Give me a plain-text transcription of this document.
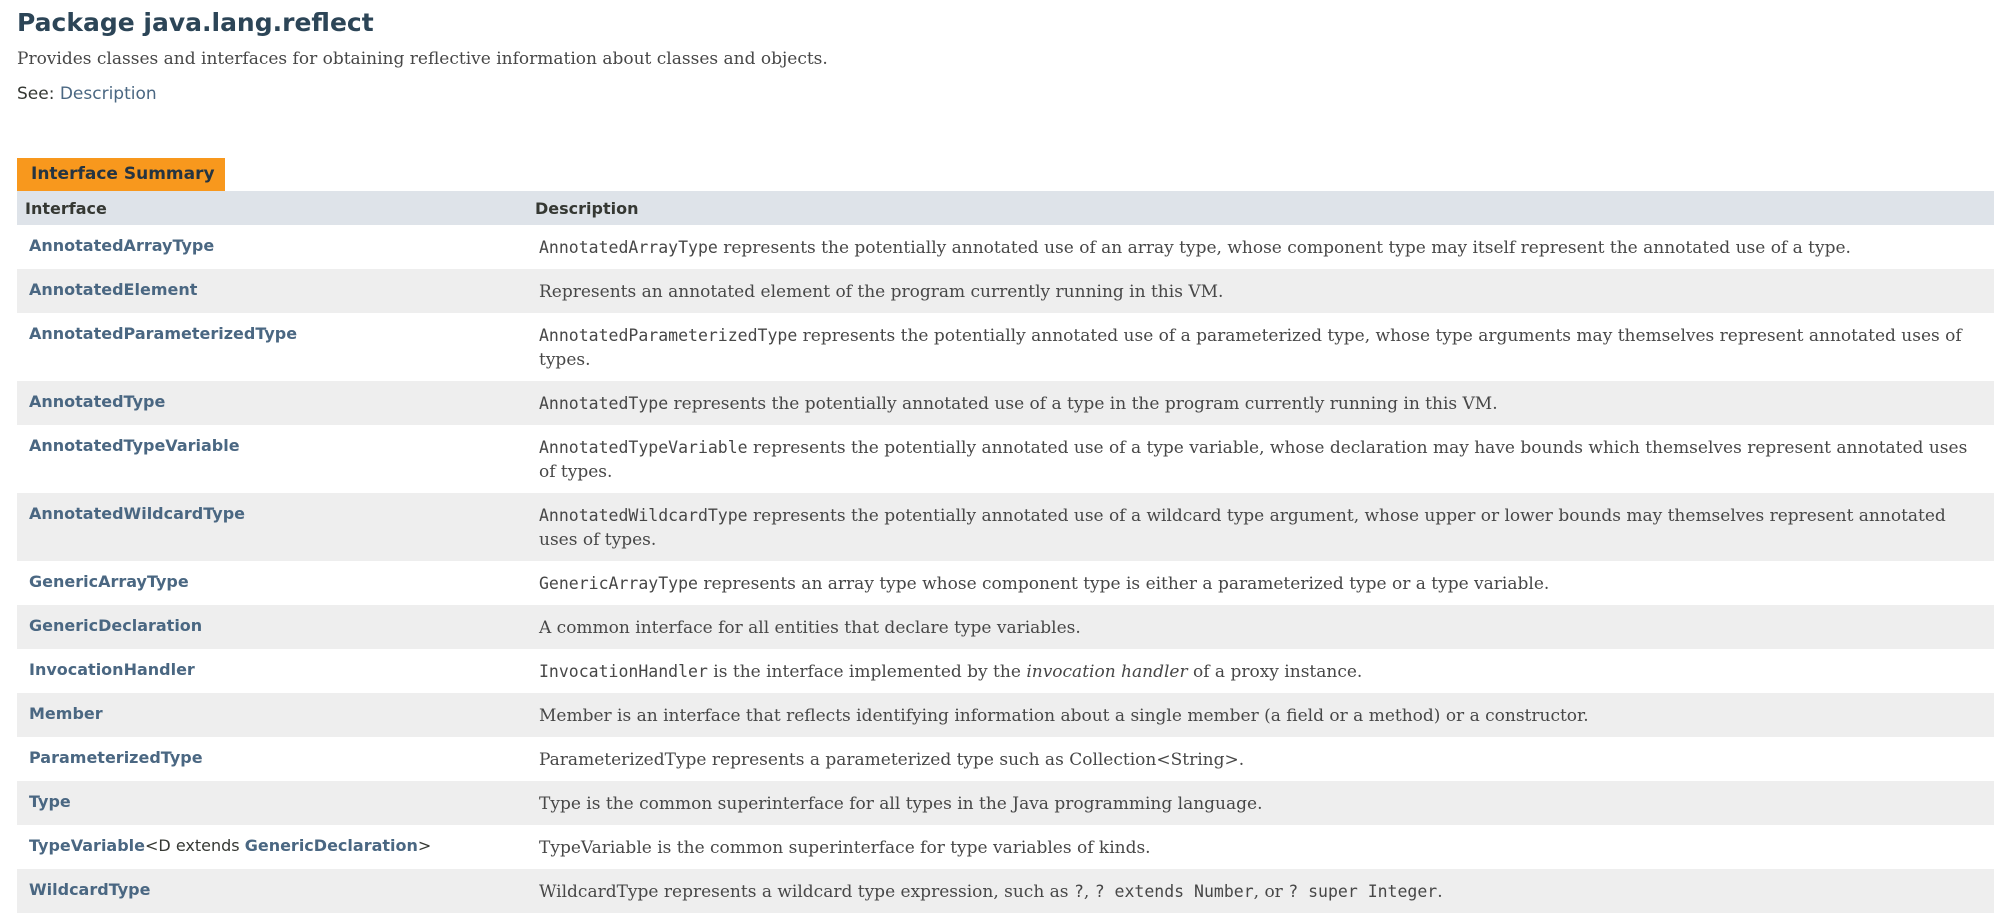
Package java.lang.reflect
Provides classes and interfaces for obtaining reflective information about classes and objects.
See: Description
Interface Summary
Interface	Description
AnnotatedArrayType	AnnotatedArrayType represents the potentially annotated use of an array type, whose component type may itself represent the annotated use of a type.
AnnotatedElement	Represents an annotated element of the program currently running in this VM.
AnnotatedParameterizedType	AnnotatedParameterizedType represents the potentially annotated use of a parameterized type, whose type arguments may themselves represent annotated uses of types.
AnnotatedType	AnnotatedType represents the potentially annotated use of a type in the program currently running in this VM.
AnnotatedTypeVariable	AnnotatedTypeVariable represents the potentially annotated use of a type variable, whose declaration may have bounds which themselves represent annotated uses of types.
AnnotatedWildcardType	AnnotatedWildcardType represents the potentially annotated use of a wildcard type argument, whose upper or lower bounds may themselves represent annotated uses of types.
GenericArrayType	GenericArrayType represents an array type whose component type is either a parameterized type or a type variable.
GenericDeclaration	A common interface for all entities that declare type variables.
InvocationHandler	InvocationHandler is the interface implemented by the invocation handler of a proxy instance.
Member	Member is an interface that reflects identifying information about a single member (a field or a method) or a constructor.
ParameterizedType	ParameterizedType represents a parameterized type such as Collection<String>.
Type	Type is the common superinterface for all types in the Java programming language.
TypeVariable<D extends GenericDeclaration>	TypeVariable is the common superinterface for type variables of kinds.
WildcardType	WildcardType represents a wildcard type expression, such as ?, ? extends Number, or ? super Integer.
